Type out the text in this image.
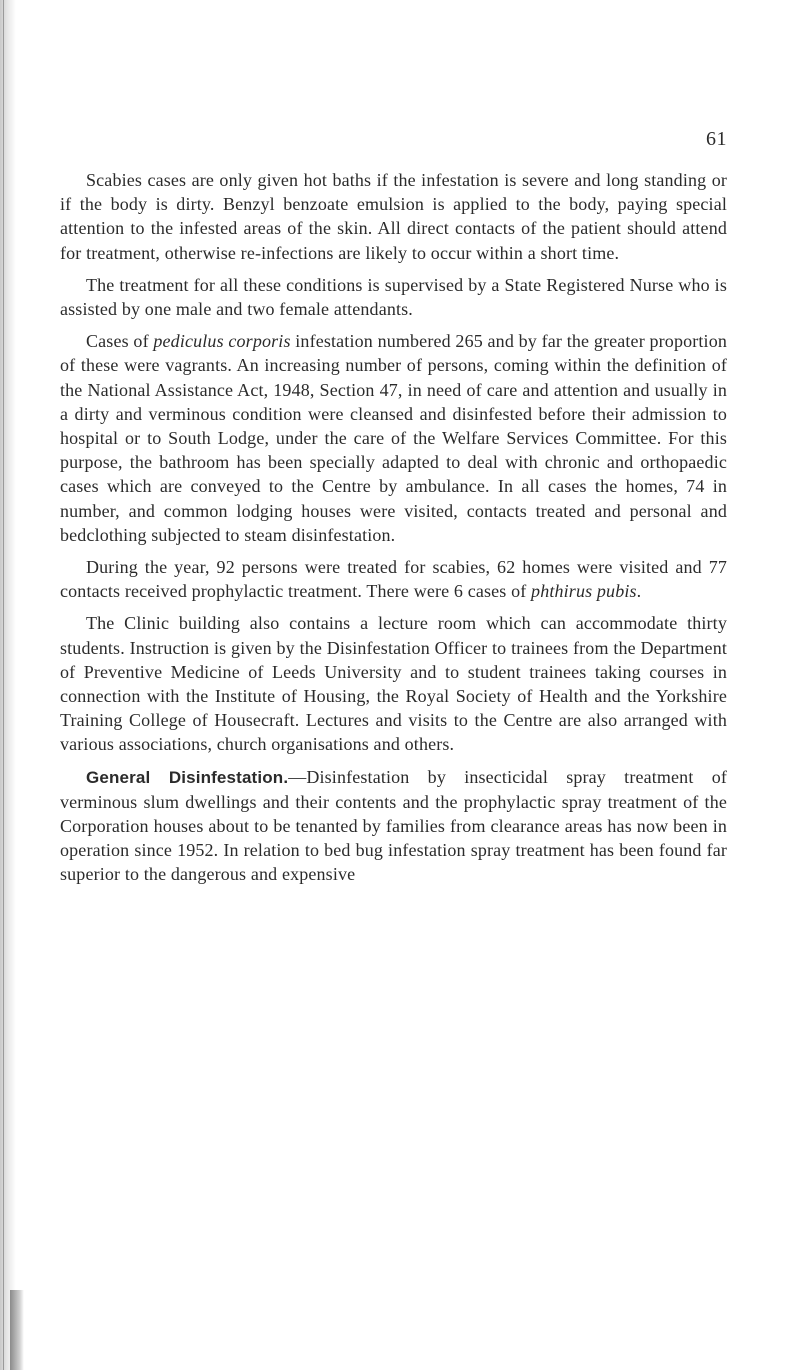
61

Scabies cases are only given hot baths if the infestation is severe and long standing or if the body is dirty. Benzyl benzoate emulsion is applied to the body, paying special attention to the infested areas of the skin. All direct contacts of the patient should attend for treatment, otherwise re-infections are likely to occur within a short time.

The treatment for all these conditions is supervised by a State Registered Nurse who is assisted by one male and two female attendants.

Cases of pediculus corporis infestation numbered 265 and by far the greater proportion of these were vagrants. An increasing number of persons, coming within the definition of the National Assistance Act, 1948, Section 47, in need of care and attention and usually in a dirty and verminous condition were cleansed and disinfested before their admission to hospital or to South Lodge, under the care of the Welfare Services Committee. For this purpose, the bathroom has been specially adapted to deal with chronic and orthopaedic cases which are conveyed to the Centre by ambulance. In all cases the homes, 74 in number, and common lodging houses were visited, contacts treated and personal and bedclothing subjected to steam disinfestation.

During the year, 92 persons were treated for scabies, 62 homes were visited and 77 contacts received prophylactic treatment. There were 6 cases of phthirus pubis.

The Clinic building also contains a lecture room which can accommodate thirty students. Instruction is given by the Disinfestation Officer to trainees from the Department of Preventive Medicine of Leeds University and to student trainees taking courses in connection with the Institute of Housing, the Royal Society of Health and the Yorkshire Training College of Housecraft. Lectures and visits to the Centre are also arranged with various associations, church organisations and others.

General Disinfestation.—Disinfestation by insecticidal spray treatment of verminous slum dwellings and their contents and the prophylactic spray treatment of the Corporation houses about to be tenanted by families from clearance areas has now been in operation since 1952. In relation to bed bug infestation spray treatment has been found far superior to the dangerous and expensive
